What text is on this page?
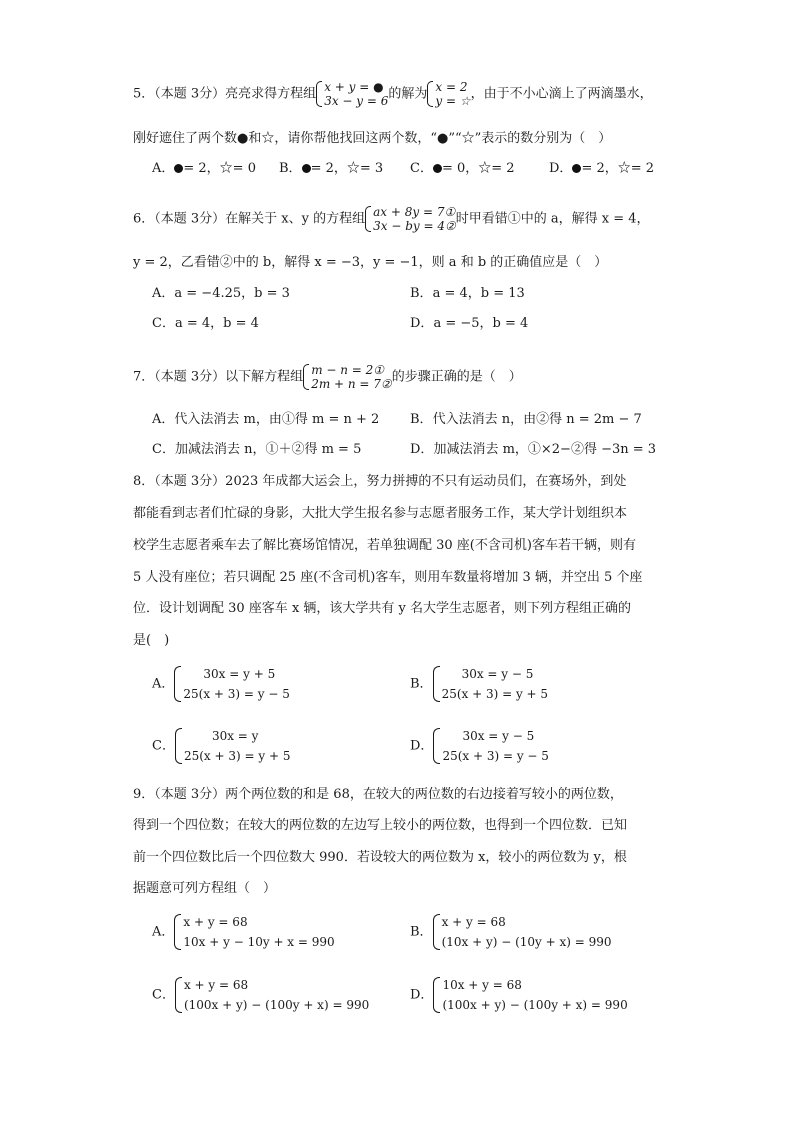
5．（本题 3分）亮亮求得方程组 x + y = ●
3x − y = 6 的解为 x = 2
y = ☆ ，由于不小心滴上了两滴墨水，
刚好遮住了两个数●和☆，请你帮他找回这两个数，“●”“☆”表示的数分别为（　）
A． = 2，☆= 0 B． = 2，☆= 3 C． = 0，☆= 2	D． = 2，☆= 2
6．（本题 3分）在解关于 x、y 的方程组 ax + 8y = 7①
3x − by = 4② 时甲看错①中的 a，解得 x = 4，
y = 2，乙看错②中的 b，解得 x = −3，y = −1，则 a 和 b 的正确值应是（　）
A．a = −4.25，b = 3	B．a = 4，b = 13
C．a = 4，b = 4	D．a = −5，b = 4
7．（本题 3分）以下解方程组 m − n = 2①
2m + n = 7② 的步骤正确的是（　）
A．代入法消去 m，由①得 m = n + 2 B．代入法消去 n，由②得 n = 2m − 7
C．加减法消去 n，①＋②得 m = 5	D．加减法消去 m，①×2−②得 −3n = 3
8．（本题 3分）2023 年成都大运会上，努力拼搏的不只有运动员们，在赛场外，到处
都能看到志者们忙碌的身影，大批大学生报名参与志愿者服务工作，某大学计划组织本
校学生志愿者乘车去了解比赛场馆情况，若单独调配 30 座(不含司机)客车若干辆，则有
5 人没有座位；若只调配 25 座(不含司机)客车，则用车数量将增加 3 辆，并空出 5 个座
位．设计划调配 30 座客车 x 辆，该大学共有 y 名大学生志愿者，则下列方程组正确的
是(　)
A．
30x = y + 5
25(x + 3) = y − 5
B．
30x = y − 5
25(x + 3) = y + 5
C．
30x = y
25(x + 3) = y + 5
D．
30x = y − 5
25(x + 3) = y − 5
9．（本题 3分）两个两位数的和是 68，在较大的两位数的右边接着写较小的两位数，
得到一个四位数；在较大的两位数的左边写上较小的两位数，也得到一个四位数．已知
前一个四位数比后一个四位数大 990．若设较大的两位数为 x，较小的两位数为 y，根
据题意可列方程组（　）
A．
x + y = 68
10x + y − 10y + x = 990
B．
x + y = 68
(10x + y) − (10y + x) = 990
C．
x + y = 68
(100x + y) − (100y + x) = 990
D．
10x + y = 68
(100x + y) − (100y + x) = 990
